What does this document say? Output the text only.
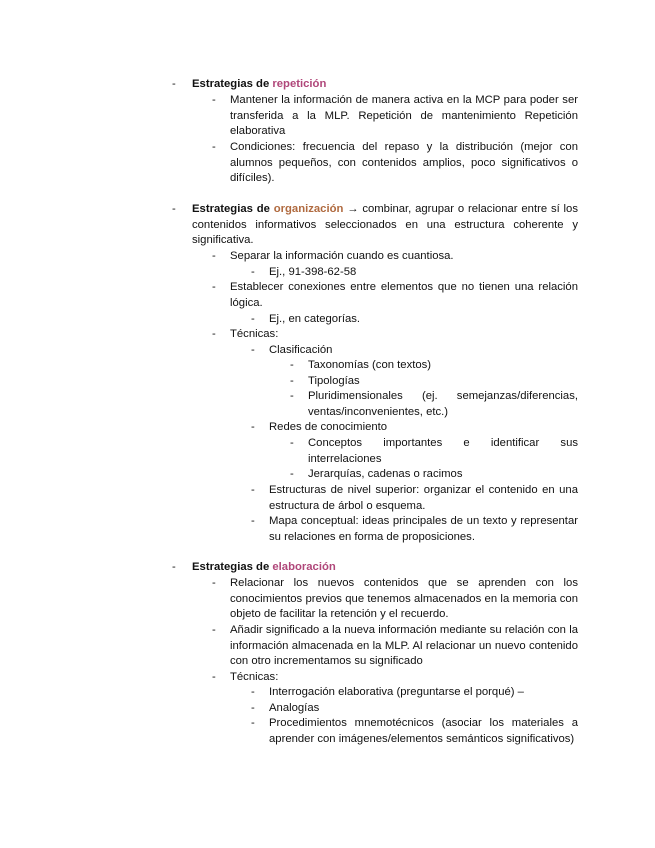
- Estrategias de repetición
- Mantener la información de manera activa en la MCP para poder ser transferida a la MLP. Repetición de mantenimiento Repetición elaborativa
- Condiciones: frecuencia del repaso y la distribución (mejor con alumnos pequeños, con contenidos amplios, poco significativos o difíciles).
- Estrategias de organización → combinar, agrupar o relacionar entre sí los contenidos informativos seleccionados en una estructura coherente y significativa.
- Separar la información cuando es cuantiosa.
- Ej., 91-398-62-58
- Establecer conexiones entre elementos que no tienen una relación lógica.
- Ej., en categorías.
- Técnicas:
- Clasificación
- Taxonomías (con textos)
- Tipologías
- Pluridimensionales (ej. semejanzas/diferencias, ventas/inconvenientes, etc.)
- Redes de conocimiento
- Conceptos importantes e identificar sus interrelaciones
- Jerarquías, cadenas o racimos
- Estructuras de nivel superior: organizar el contenido en una estructura de árbol o esquema.
- Mapa conceptual: ideas principales de un texto y representar su relaciones en forma de proposiciones.
- Estrategias de elaboración
- Relacionar los nuevos contenidos que se aprenden con los conocimientos previos que tenemos almacenados en la memoria con objeto de facilitar la retención y el recuerdo.
- Añadir significado a la nueva información mediante su relación con la información almacenada en la MLP. Al relacionar un nuevo contenido con otro incrementamos su significado
- Técnicas:
- Interrogación elaborativa (preguntarse el porqué) –
- Analogías
- Procedimientos mnemotécnicos (asociar los materiales a aprender con imágenes/elementos semánticos significativos)
